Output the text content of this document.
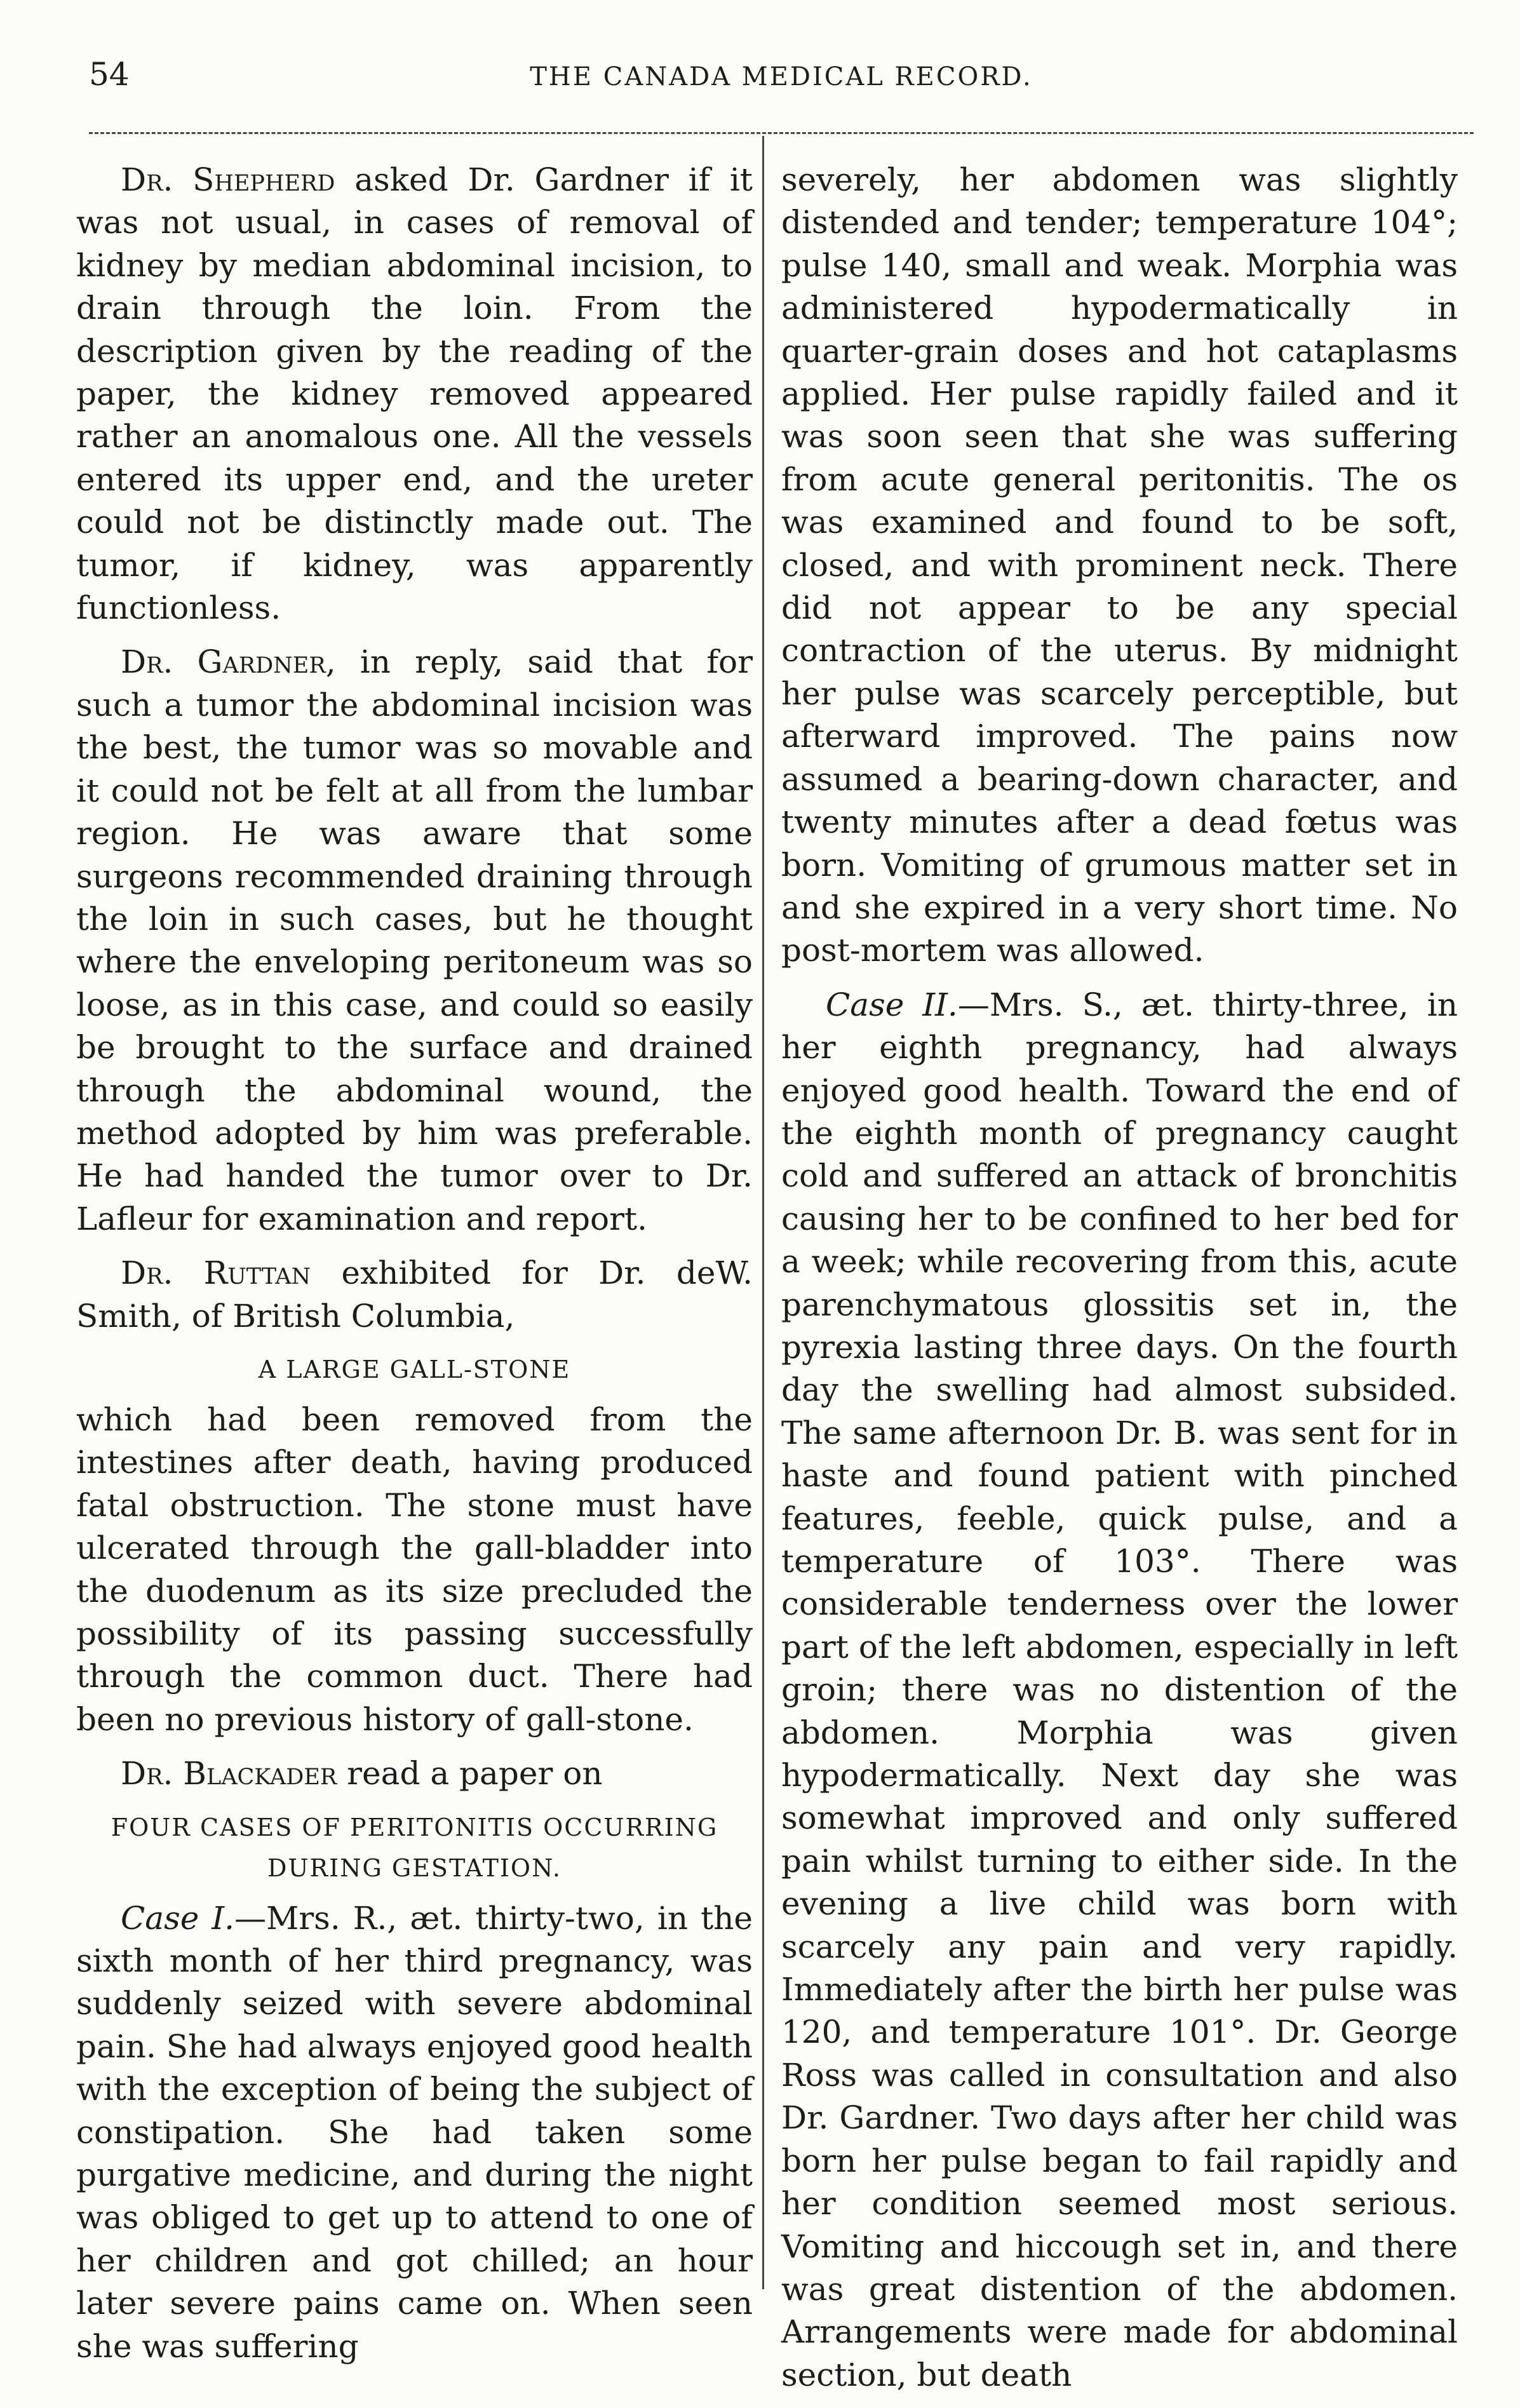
54	THE CANADA MEDICAL RECORD.

Dr. Shepherd asked Dr. Gardner if it was not usual, in cases of removal of kidney by median abdominal incision, to drain through the loin. From the description given by the reading of the paper, the kidney removed appeared rather an anomalous one. All the vessels entered its upper end, and the ureter could not be distinctly made out. The tumor, if kidney, was apparently functionless.

Dr. Gardner, in reply, said that for such a tumor the abdominal incision was the best, the tumor was so movable and it could not be felt at all from the lumbar region. He was aware that some surgeons recommended draining through the loin in such cases, but he thought where the enveloping peritoneum was so loose, as in this case, and could so easily be brought to the surface and drained through the abdominal wound, the method adopted by him was preferable. He had handed the tumor over to Dr. Lafleur for examination and report.

Dr. Ruttan exhibited for Dr. deW. Smith, of British Columbia,

A LARGE GALL-STONE

which had been removed from the intestines after death, having produced fatal obstruction. The stone must have ulcerated through the gall-bladder into the duodenum as its size precluded the possibility of its passing successfully through the common duct. There had been no previous history of gall-stone.

Dr. Blackader read a paper on

FOUR CASES OF PERITONITIS OCCURRING DURING GESTATION.

Case I.—Mrs. R., æt. thirty-two, in the sixth month of her third pregnancy, was suddenly seized with severe abdominal pain. She had always enjoyed good health with the exception of being the subject of constipation. She had taken some purgative medicine, and during the night was obliged to get up to attend to one of her children and got chilled; an hour later severe pains came on. When seen she was suffering

severely, her abdomen was slightly distended and tender; temperature 104°; pulse 140, small and weak. Morphia was administered hypodermatically in quarter-grain doses and hot cataplasms applied. Her pulse rapidly failed and it was soon seen that she was suffering from acute general peritonitis. The os was examined and found to be soft, closed, and with prominent neck. There did not appear to be any special contraction of the uterus. By midnight her pulse was scarcely perceptible, but afterward improved. The pains now assumed a bearing-down character, and twenty minutes after a dead fœtus was born. Vomiting of grumous matter set in and she expired in a very short time. No post-mortem was allowed.

Case II.—Mrs. S., æt. thirty-three, in her eighth pregnancy, had always enjoyed good health. Toward the end of the eighth month of pregnancy caught cold and suffered an attack of bronchitis causing her to be confined to her bed for a week; while recovering from this, acute parenchymatous glossitis set in, the pyrexia lasting three days. On the fourth day the swelling had almost subsided. The same afternoon Dr. B. was sent for in haste and found patient with pinched features, feeble, quick pulse, and a temperature of 103°. There was considerable tenderness over the lower part of the left abdomen, especially in left groin; there was no distention of the abdomen. Morphia was given hypodermatically. Next day she was somewhat improved and only suffered pain whilst turning to either side. In the evening a live child was born with scarcely any pain and very rapidly. Immediately after the birth her pulse was 120, and temperature 101°. Dr. George Ross was called in consultation and also Dr. Gardner. Two days after her child was born her pulse began to fail rapidly and her condition seemed most serious. Vomiting and hiccough set in, and there was great distention of the abdomen. Arrangements were made for abdominal section, but death
